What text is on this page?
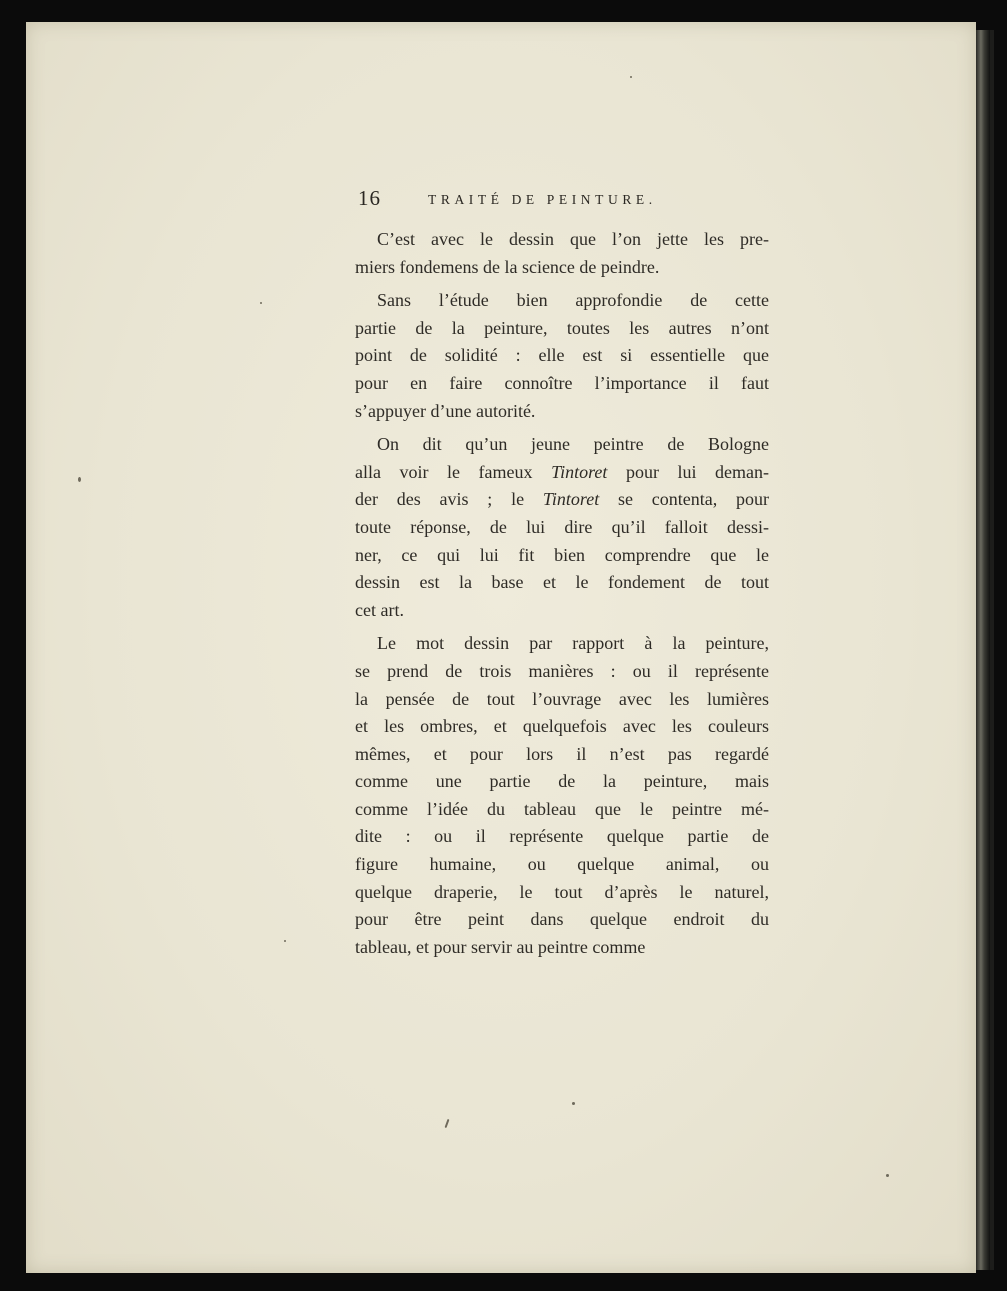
16	TRAITÉ DE PEINTURE.
C’est avec le dessin que l’on jette les pre-
miers fondemens de la science de peindre.
Sans l’étude bien approfondie de cette
partie de la peinture, toutes les autres n’ont
point de solidité : elle est si essentielle que
pour en faire connoître l’importance il faut
s’appuyer d’une autorité.
On dit qu’un jeune peintre de Bologne
alla voir le fameux Tintoret pour lui deman-
der des avis ; le Tintoret se contenta, pour
toute réponse, de lui dire qu’il falloit dessi-
ner, ce qui lui fit bien comprendre que le
dessin est la base et le fondement de tout
cet art.
Le mot dessin par rapport à la peinture,
se prend de trois manières : ou il représente
la pensée de tout l’ouvrage avec les lumières
et les ombres, et quelquefois avec les couleurs
mêmes, et pour lors il n’est pas regardé
comme une partie de la peinture, mais
comme l’idée du tableau que le peintre mé-
dite : ou il représente quelque partie de
figure humaine, ou quelque animal, ou
quelque draperie, le tout d’après le naturel,
pour être peint dans quelque endroit du
tableau, et pour servir au peintre comme
